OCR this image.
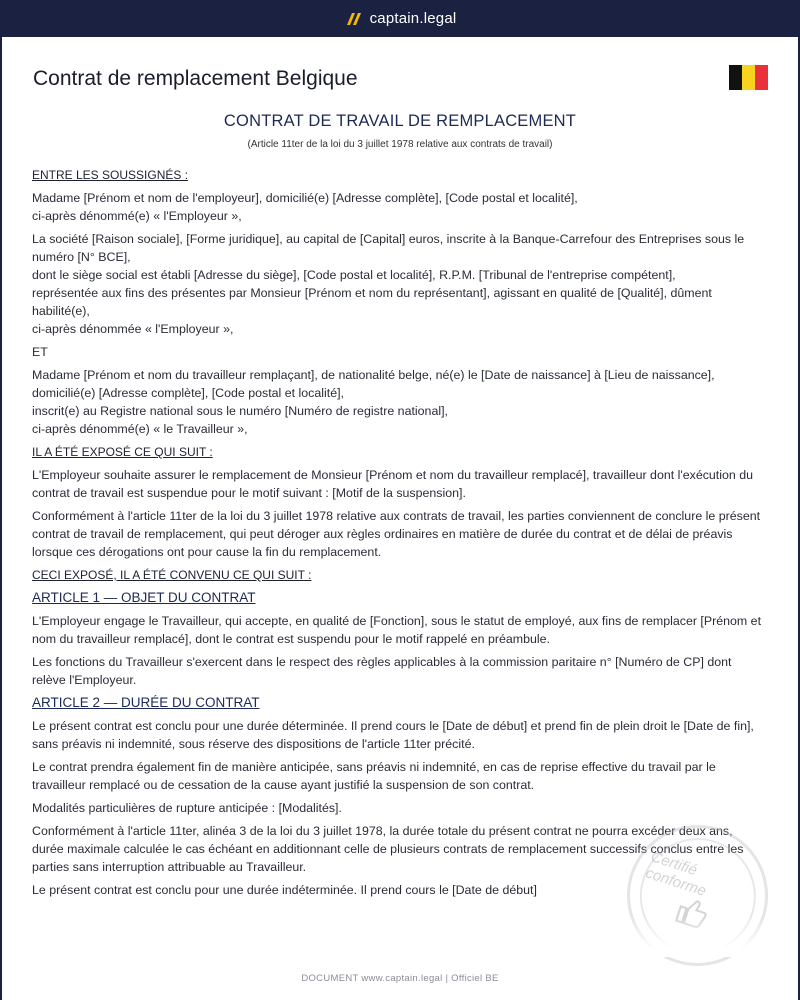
captain.legal
Contrat de remplacement Belgique
CONTRAT DE TRAVAIL DE REMPLACEMENT
(Article 11ter de la loi du 3 juillet 1978 relative aux contrats de travail)

ENTRE LES SOUSSIGNÉS :

Madame [Prénom et nom de l'employeur], domicilié(e) [Adresse complète], [Code postal et localité],
ci-après dénommé(e) « l'Employeur »,

La société [Raison sociale], [Forme juridique], au capital de [Capital] euros, inscrite à la Banque-Carrefour des Entreprises sous le numéro [N° BCE],
dont le siège social est établi [Adresse du siège], [Code postal et localité], R.P.M. [Tribunal de l'entreprise compétent],
représentée aux fins des présentes par Monsieur [Prénom et nom du représentant], agissant en qualité de [Qualité], dûment habilité(e),
ci-après dénommée « l'Employeur »,

ET

Madame [Prénom et nom du travailleur remplaçant], de nationalité belge, né(e) le [Date de naissance] à [Lieu de naissance],
domicilié(e) [Adresse complète], [Code postal et localité],
inscrit(e) au Registre national sous le numéro [Numéro de registre national],
ci-après dénommé(e) « le Travailleur »,

IL A ÉTÉ EXPOSÉ CE QUI SUIT :

L'Employeur souhaite assurer le remplacement de Monsieur [Prénom et nom du travailleur remplacé], travailleur dont l'exécution du contrat de travail est suspendue pour le motif suivant : [Motif de la suspension].

Conformément à l'article 11ter de la loi du 3 juillet 1978 relative aux contrats de travail, les parties conviennent de conclure le présent contrat de travail de remplacement, qui peut déroger aux règles ordinaires en matière de durée du contrat et de délai de préavis lorsque ces dérogations ont pour cause la fin du remplacement.

CECI EXPOSÉ, IL A ÉTÉ CONVENU CE QUI SUIT :

ARTICLE 1 — OBJET DU CONTRAT

L'Employeur engage le Travailleur, qui accepte, en qualité de [Fonction], sous le statut de employé, aux fins de remplacer [Prénom et nom du travailleur remplacé], dont le contrat est suspendu pour le motif rappelé en préambule.

Les fonctions du Travailleur s'exercent dans le respect des règles applicables à la commission paritaire n° [Numéro de CP] dont relève l'Employeur.

ARTICLE 2 — DURÉE DU CONTRAT

Le présent contrat est conclu pour une durée déterminée. Il prend cours le [Date de début] et prend fin de plein droit le [Date de fin], sans préavis ni indemnité, sous réserve des dispositions de l'article 11ter précité.

Le contrat prendra également fin de manière anticipée, sans préavis ni indemnité, en cas de reprise effective du travail par le travailleur remplacé ou de cessation de la cause ayant justifié la suspension de son contrat.

Modalités particulières de rupture anticipée : [Modalités].

Conformément à l'article 11ter, alinéa 3 de la loi du 3 juillet 1978, la durée totale du présent contrat ne pourra excéder deux ans, durée maximale calculée le cas échéant en additionnant celle de plusieurs contrats de remplacement successifs conclus entre les parties sans interruption attribuable au Travailleur.

Le présent contrat est conclu pour une durée indéterminée. Il prend cours le [Date de début]

Certifié conforme
DOCUMENT www.captain.legal | Officiel BE
